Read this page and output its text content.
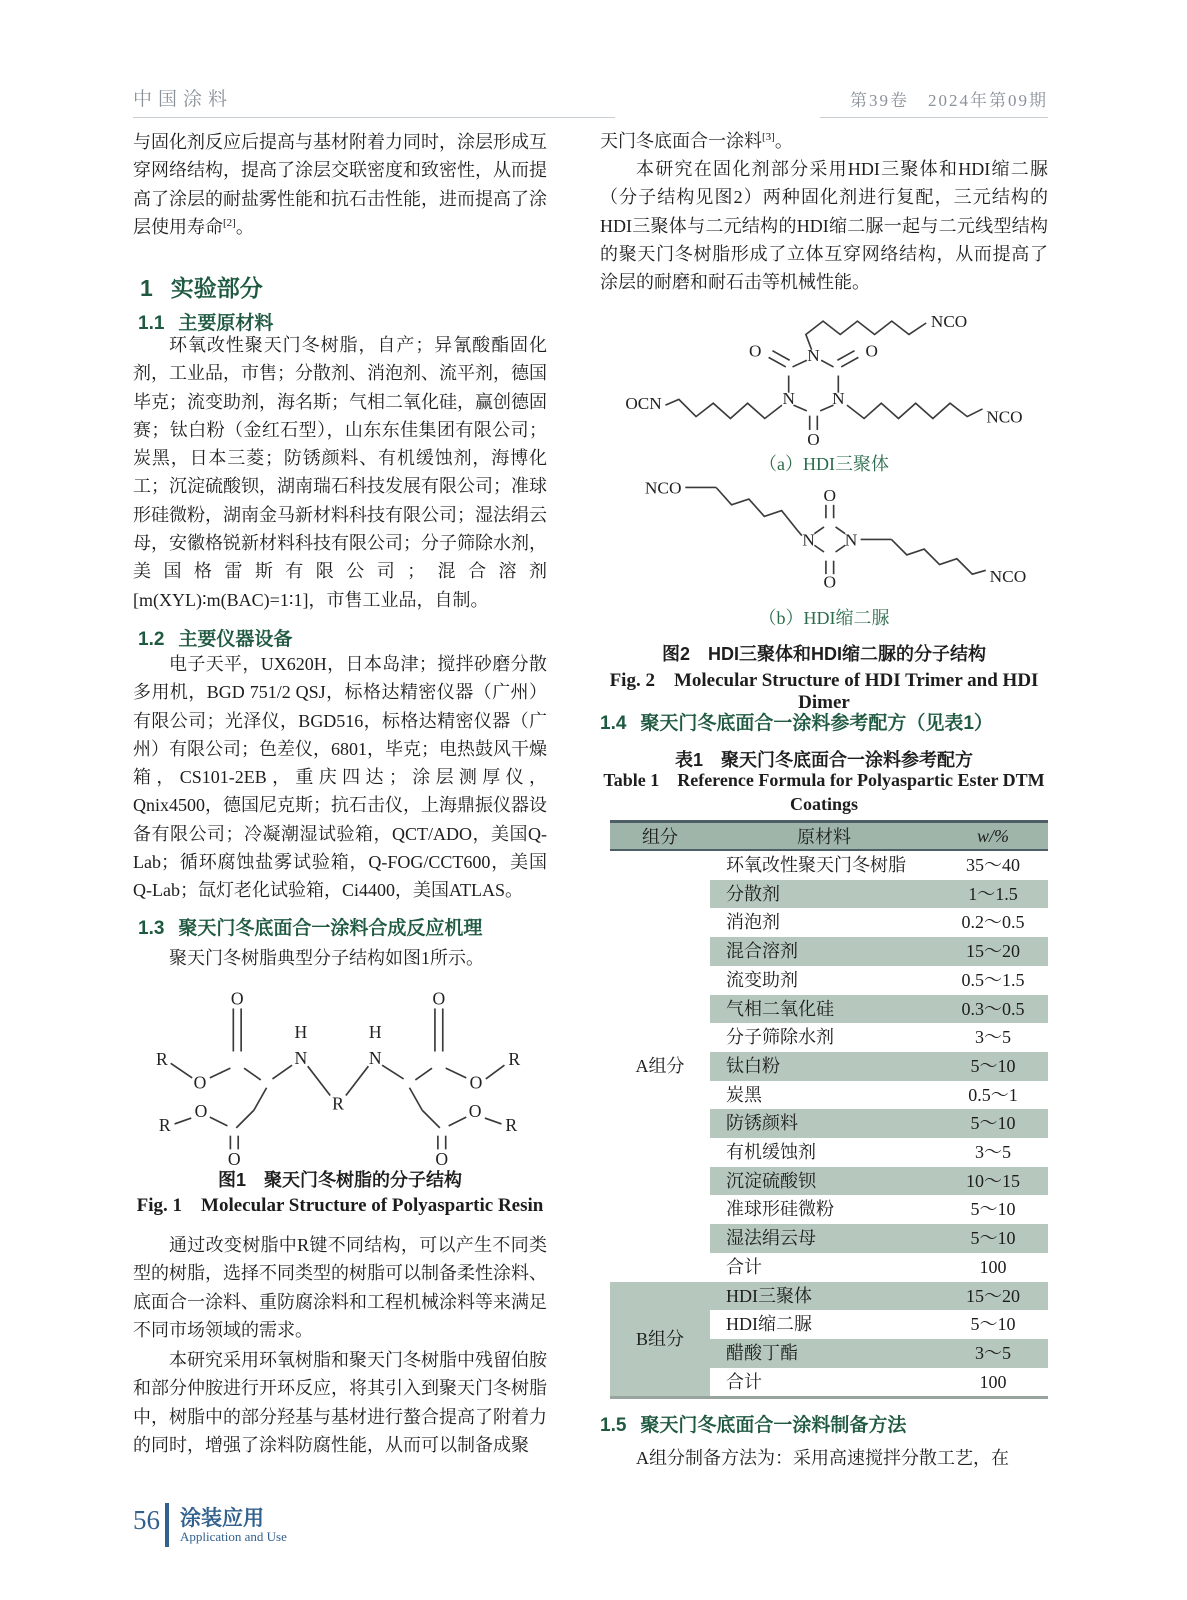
中国涂料	第39卷　2024年第09期
与固化剂反应后提高与基材附着力同时，涂层形成互穿网络结构，提高了涂层交联密度和致密性，从而提高了涂层的耐盐雾性能和抗石击性能，进而提高了涂层使用寿命[2]。
1 实验部分
1.1 主要原材料
环氧改性聚天门冬树脂，自产；异氰酸酯固化剂，工业品，市售；分散剂、消泡剂、流平剂，德国毕克；流变助剂，海名斯；气相二氧化硅，赢创德固赛；钛白粉（金红石型），山东东佳集团有限公司；炭黑，日本三菱；防锈颜料、有机缓蚀剂，海博化工；沉淀硫酸钡，湖南瑞石科技发展有限公司；准球形硅微粉，湖南金马新材料科技有限公司；湿法绢云母，安徽格锐新材料科技有限公司；分子筛除水剂，美国格雷斯有限公司；混合溶剂[m(XYL)∶m(BAC)=1∶1]，市售工业品，自制。
1.2 主要仪器设备
电子天平，UX620H，日本岛津；搅拌砂磨分散多用机，BGD 751/2 QSJ，标格达精密仪器（广州）有限公司；光泽仪，BGD516，标格达精密仪器（广州）有限公司；色差仪，6801，毕克；电热鼓风干燥箱，CS101-2EB，重庆四达；涂层测厚仪，Qnix4500，德国尼克斯；抗石击仪，上海鼎振仪器设备有限公司；冷凝潮湿试验箱，QCT/ADO，美国Q-Lab；循环腐蚀盐雾试验箱，Q-FOG/CCT600，美国Q-Lab；氙灯老化试验箱，Ci4400，美国ATLAS。
1.3 聚天门冬底面合一涂料合成反应机理
聚天门冬树脂典型分子结构如图1所示。
R
O
O
N
H
R
N
H
O
O
R
O
O
R
O
O
R
图1　聚天门冬树脂的分子结构
Fig. 1　Molecular Structure of Polyaspartic Resin
通过改变树脂中R键不同结构，可以产生不同类型的树脂，选择不同类型的树脂可以制备柔性涂料、底面合一涂料、重防腐涂料和工程机械涂料等来满足不同市场领域的需求。
本研究采用环氧树脂和聚天门冬树脂中残留伯胺和部分仲胺进行开环反应，将其引入到聚天门冬树脂中，树脂中的部分羟基与基材进行螯合提高了附着力的同时，增强了涂料防腐性能，从而可以制备成聚
天门冬底面合一涂料[3]。
本研究在固化剂部分采用HDI三聚体和HDI缩二脲（分子结构见图2）两种固化剂进行复配，三元结构的HDI三聚体与二元结构的HDI缩二脲一起与二元线型结构的聚天门冬树脂形成了立体互穿网络结构，从而提高了涂层的耐磨和耐石击等机械性能。
N
N N
O	O
O
NCO
OCN
NCO
（a）HDI三聚体
N N
O
O
NCO
NCO
（b）HDI缩二脲
图2　HDI三聚体和HDI缩二脲的分子结构
Fig. 2　Molecular Structure of HDI Trimer and HDI Dimer
1.4 聚天门冬底面合一涂料参考配方（见表1）
表1　聚天门冬底面合一涂料参考配方
Table 1　Reference Formula for Polyaspartic Ester DTM Coatings
组分	原材料	w/%
A组分	环氧改性聚天门冬树脂	35～40
	分散剂	1～1.5
	消泡剂	0.2～0.5
	混合溶剂	15～20
	流变助剂	0.5～1.5
	气相二氧化硅	0.3～0.5
	分子筛除水剂	3～5
	钛白粉	5～10
	炭黑	0.5～1
	防锈颜料	5～10
	有机缓蚀剂	3～5
	沉淀硫酸钡	10～15
	准球形硅微粉	5～10
	湿法绢云母	5～10
	合计	100
B组分	HDI三聚体	15～20
	HDI缩二脲	5～10
	醋酸丁酯	3～5
	合计	100
1.5 聚天门冬底面合一涂料制备方法
A组分制备方法为：采用高速搅拌分散工艺，在
56 涂装应用
Application and Use
